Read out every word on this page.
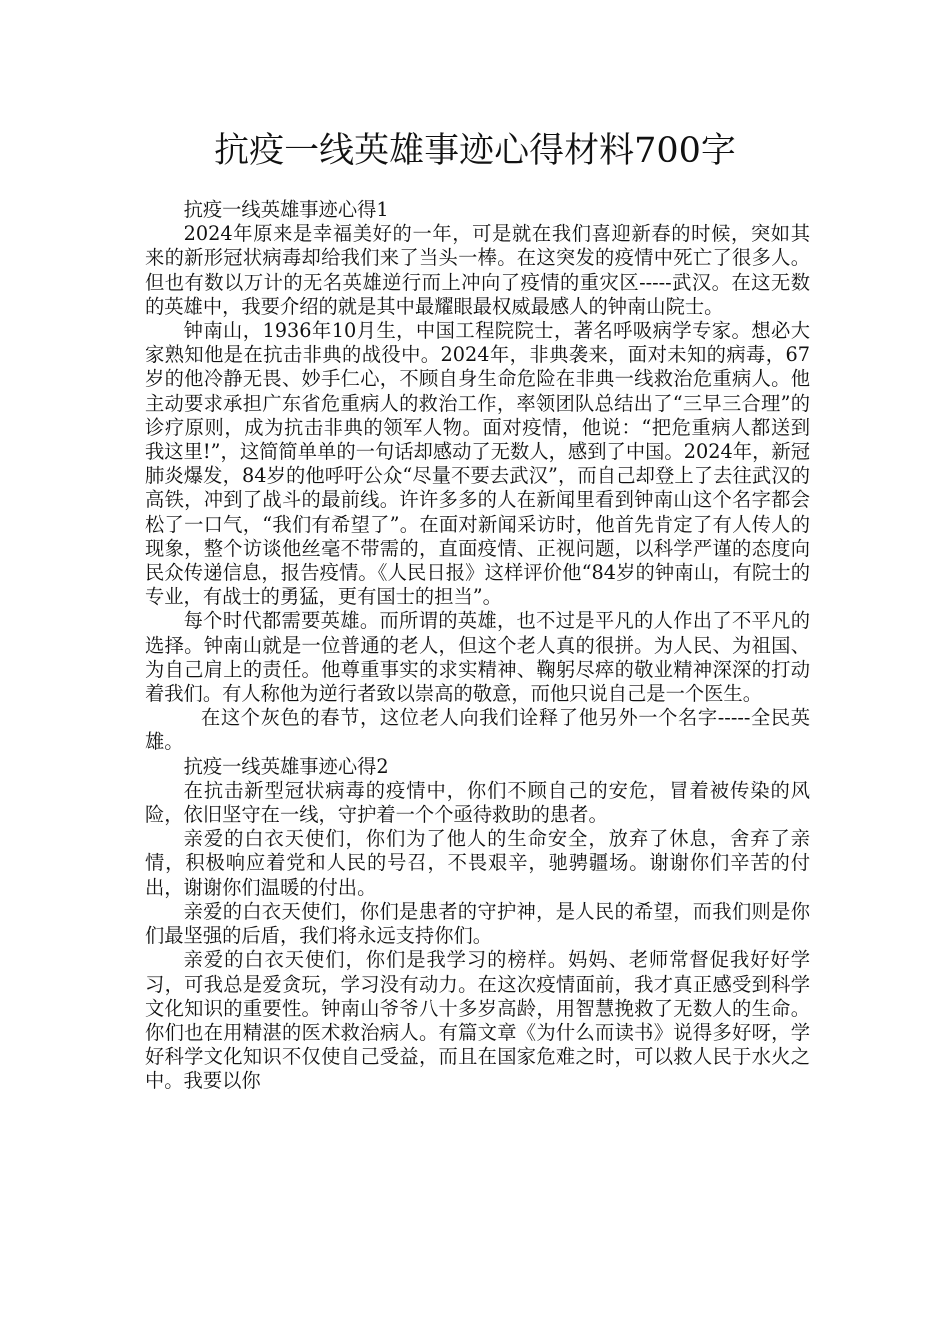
抗疫一线英雄事迹心得材料700字

抗疫一线英雄事迹心得1

2024年原来是幸福美好的一年，可是就在我们喜迎新春的时候，突如其来的新形冠状病毒却给我们来了当头一棒。在这突发的疫情中死亡了很多人。但也有数以万计的无名英雄逆行而上冲向了疫情的重灾区-----武汉。在这无数的英雄中，我要介绍的就是其中最耀眼最权威最感人的钟南山院士。

钟南山，1936年10月生，中国工程院院士，著名呼吸病学专家。想必大家熟知他是在抗击非典的战役中。2024年，非典袭来，面对未知的病毒，67岁的他冷静无畏、妙手仁心，不顾自身生命危险在非典一线救治危重病人。他主动要求承担广东省危重病人的救治工作，率领团队总结出了“三早三合理”的诊疗原则，成为抗击非典的领军人物。面对疫情，他说：“把危重病人都送到我这里!”，这简简单单的一句话却感动了无数人，感到了中国。2024年，新冠肺炎爆发，84岁的他呼吁公众“尽量不要去武汉”，而自己却登上了去往武汉的高铁，冲到了战斗的最前线。许许多多的人在新闻里看到钟南山这个名字都会松了一口气，“我们有希望了”。在面对新闻采访时，他首先肯定了有人传人的现象，整个访谈他丝毫不带需的，直面疫情、正视问题，以科学严谨的态度向民众传递信息，报告疫情。《人民日报》这样评价他“84岁的钟南山，有院士的专业，有战士的勇猛，更有国士的担当”。

每个时代都需要英雄。而所谓的英雄，也不过是平凡的人作出了不平凡的选择。钟南山就是一位普通的老人，但这个老人真的很拼。为人民、为祖国、为自己肩上的责任。他尊重事实的求实精神、鞠躬尽瘁的敬业精神深深的打动着我们。有人称他为逆行者致以崇高的敬意，而他只说自己是一个医生。

在这个灰色的春节，这位老人向我们诠释了他另外一个名字-----全民英雄。

抗疫一线英雄事迹心得2

在抗击新型冠状病毒的疫情中，你们不顾自己的安危，冒着被传染的风险，依旧坚守在一线，守护着一个个亟待救助的患者。

亲爱的白衣天使们，你们为了他人的生命安全，放弃了休息，舍弃了亲情，积极响应着党和人民的号召，不畏艰辛，驰骋疆场。谢谢你们辛苦的付出，谢谢你们温暖的付出。

亲爱的白衣天使们，你们是患者的守护神，是人民的希望，而我们则是你们最坚强的后盾，我们将永远支持你们。

亲爱的白衣天使们，你们是我学习的榜样。妈妈、老师常督促我好好学习，可我总是爱贪玩，学习没有动力。在这次疫情面前，我才真正感受到科学文化知识的重要性。钟南山爷爷八十多岁高龄，用智慧挽救了无数人的生命。你们也在用精湛的医术救治病人。有篇文章《为什么而读书》说得多好呀，学好科学文化知识不仅使自己受益，而且在国家危难之时，可以救人民于水火之中。我要以你
